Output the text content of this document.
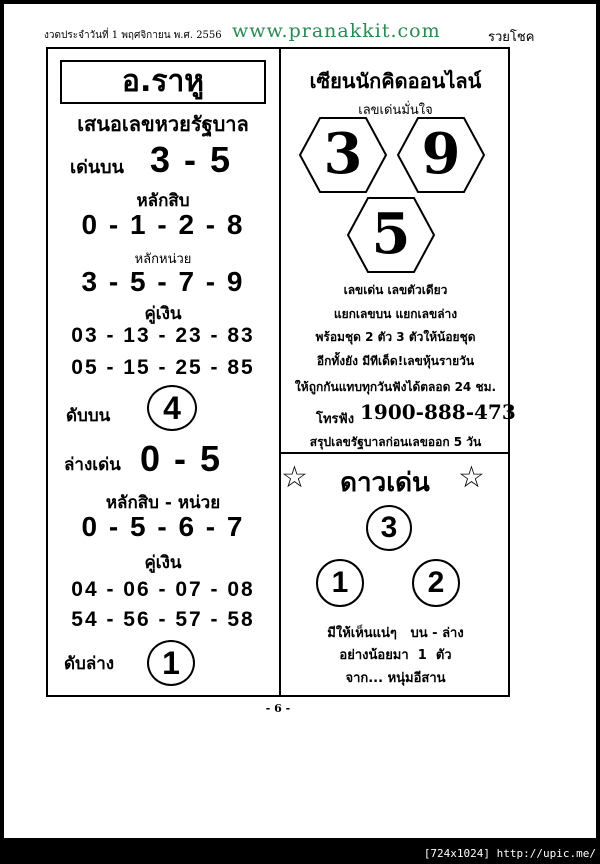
งวดประจำวันที่ 1 พฤศจิกายน พ.ศ. 2556 www.pranakkit.com	รวยโชค
อ.ราหู
เสนอเลขหวยรัฐบาล
เด่นบน 3 - 5
หลักสิบ
0 - 1 - 2 - 8
หลักหน่วย
3 - 5 - 7 - 9
คู่เงิน
03 - 13 - 23 - 83
05 - 15 - 25 - 85
ดับบน	4
ล่างเด่น 0 - 5
หลักสิบ - หน่วย
0 - 5 - 6 - 7
คู่เงิน
04 - 06 - 07 - 08
54 - 56 - 57 - 58
ดับล่าง	1
เซียนนักคิดออนไลน์
เลขเด่นมั่นใจ
3	9
5
เลขเด่น เลขตัวเดียว
แยกเลขบน แยกเลขล่าง
พร้อมชุด 2 ตัว 3 ตัวให้น้อยชุด
อีกทั้งยัง มีทีเด็ด!เลขหุ้นรายวัน
ให้ถูกกันแทบทุกวันฟังได้ตลอด 24 ชม.
โทรฟัง 1900-888-473
สรุปเลขรัฐบาลก่อนเลขออก 5 วัน
☆	ดาวเด่น ☆
3
1	2
มีให้เห็นแน่ๆ   บน - ล่าง
อย่างน้อยมา  1  ตัว
จาก... หนุ่มอีสาน
- 6 -
[724x1024] http://upic.me/
